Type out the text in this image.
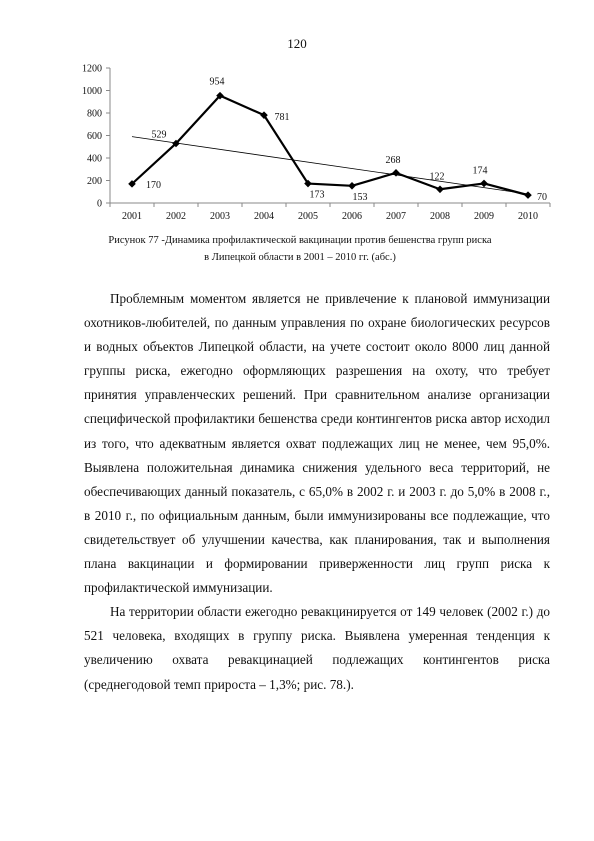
120
0
200
400
600
800
1000
1200
2001 2002 2003 2004 2005 2006 2007 2008 2009 2010
170
529
954
781
173	153
268
122
174
70
Рисунок 77 -Динамика профилактической вакцинации против бешенства групп риска
в Липецкой области в 2001 – 2010 гг. (абс.)

Проблемным моментом является не привлечение к плановой иммунизации охотников-любителей, по данным управления по охране биологических ресурсов и водных объектов Липецкой области, на учете состоит около 8000 лиц данной группы риска, ежегодно оформляющих разрешения на охоту, что требует принятия управленческих решений. При сравнительном анализе организации специфической профилактики бешенства среди контингентов риска автор исходил из того, что адекватным является охват подлежащих лиц не менее, чем 95,0%. Выявлена положительная динамика снижения удельного веса территорий, не обеспечивающих данный показатель, с 65,0% в 2002 г. и 2003 г. до 5,0% в 2008 г., в 2010 г., по официальным данным, были иммунизированы все подлежащие, что свидетельствует об улучшении качества, как планирования, так и выполнения плана вакцинации и формировании приверженности лиц групп риска к профилактической иммунизации.

На территории области ежегодно ревакцинируется от 149 человек (2002 г.) до 521 человека, входящих в группу риска. Выявлена умеренная тенденция к увеличению охвата ревакцинацией подлежащих контингентов риска (среднегодовой темп прироста – 1,3%; рис. 78.).
